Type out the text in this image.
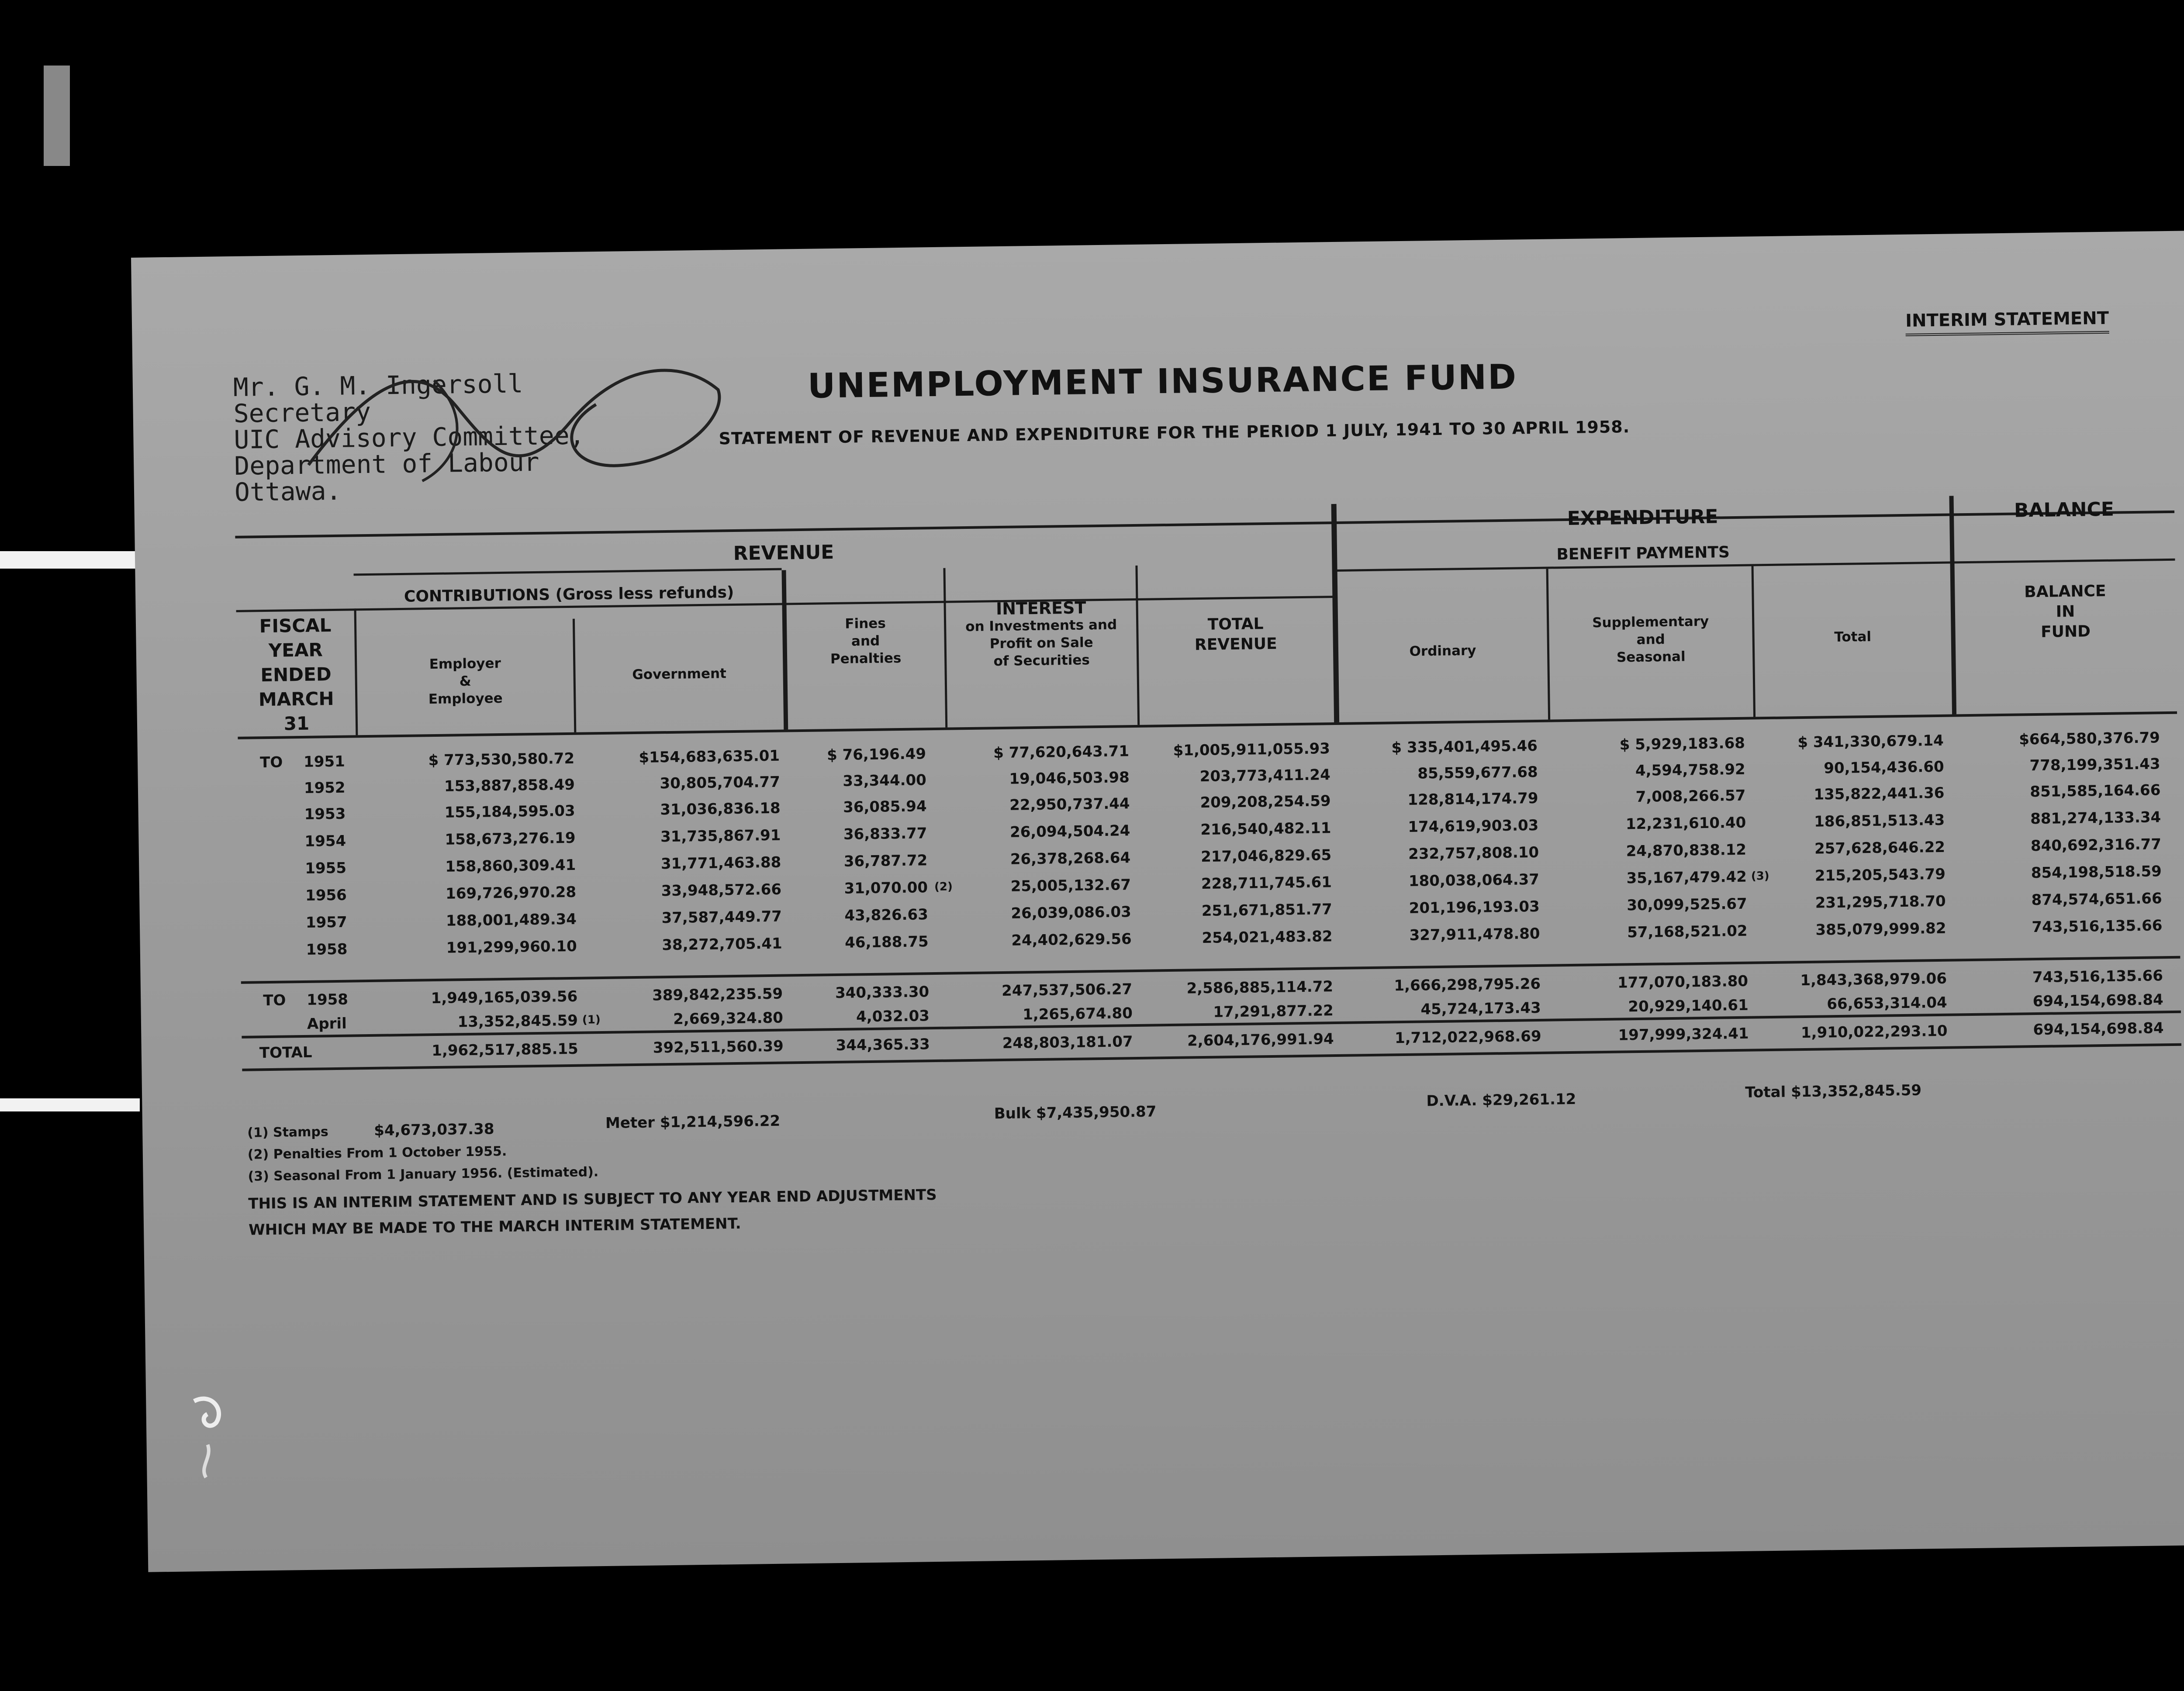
Mr. G. M. Ingersoll
Secretary
UIC Advisory Committee,
Department of Labour
Ottawa.
UNEMPLOYMENT INSURANCE FUND
STATEMENT OF REVENUE AND EXPENDITURE FOR THE PERIOD 1 JULY, 1941 TO 30 APRIL 1958.
INTERIM STATEMENT
REVENUE
EXPENDITURE	BALANCE
BENEFIT PAYMENTS
CONTRIBUTIONS (Gross less refunds)
FISCAL
YEAR
ENDED
MARCH
31
Employer
&
Employee
Government
Fines
and
Penalties
INTEREST
on Investments and
Profit on Sale
of Securities
TOTAL
REVENUE	Ordinary
Supplementary
and
Seasonal
Total
BALANCE
IN
FUND
TO 1951	$ 773,530,580.72	$154,683,635.01	$ 76,196.49	$ 77,620,643.71	$1,005,911,055.93	$ 335,401,495.46	$ 5,929,183.68	$ 341,330,679.14	$664,580,376.79
1952	153,887,858.49	30,805,704.77	33,344.00	19,046,503.98	203,773,411.24	85,559,677.68	4,594,758.92	90,154,436.60	778,199,351.43
1953	155,184,595.03	31,036,836.18	36,085.94	22,950,737.44	209,208,254.59	128,814,174.79	7,008,266.57	135,822,441.36	851,585,164.66
1954	158,673,276.19	31,735,867.91	36,833.77	26,094,504.24	216,540,482.11	174,619,903.03	12,231,610.40	186,851,513.43	881,274,133.34
1955	158,860,309.41	31,771,463.88	36,787.72	26,378,268.64	217,046,829.65	232,757,808.10	24,870,838.12	257,628,646.22	840,692,316.77
1956	169,726,970.28	33,948,572.66	31,070.00	25,005,132.67	228,711,745.61	180,038,064.37	35,167,479.42	215,205,543.79	854,198,518.59
(2)
(3)
1957	188,001,489.34	37,587,449.77	43,826.63	26,039,086.03	251,671,851.77	201,196,193.03	30,099,525.67	231,295,718.70	874,574,651.66
1958	191,299,960.10	38,272,705.41	46,188.75	24,402,629.56	254,021,483.82	327,911,478.80	57,168,521.02	385,079,999.82	743,516,135.66
TO 1958	1,949,165,039.56	389,842,235.59	340,333.30	247,537,506.27	2,586,885,114.72	1,666,298,795.26	177,070,183.80	1,843,368,979.06	743,516,135.66
April	13,352,845.59	2,669,324.80	4,032.03	1,265,674.80	17,291,877.22	45,724,173.43	20,929,140.61	66,653,314.04	694,154,698.84
(1)
TOTAL	1,962,517,885.15	392,511,560.39	344,365.33	248,803,181.07	2,604,176,991.94	1,712,022,968.69	197,999,324.41	1,910,022,293.10	694,154,698.84
(1) Stamps	$4,673,037.38	Meter $1,214,596.22	Bulk $7,435,950.87
D.V.A. $29,261.12	Total $13,352,845.59
(2) Penalties From 1 October 1955.
(3) Seasonal From 1 January 1956. (Estimated).
THIS IS AN INTERIM STATEMENT AND IS SUBJECT TO ANY YEAR END ADJUSTMENTS
WHICH MAY BE MADE TO THE MARCH INTERIM STATEMENT.
